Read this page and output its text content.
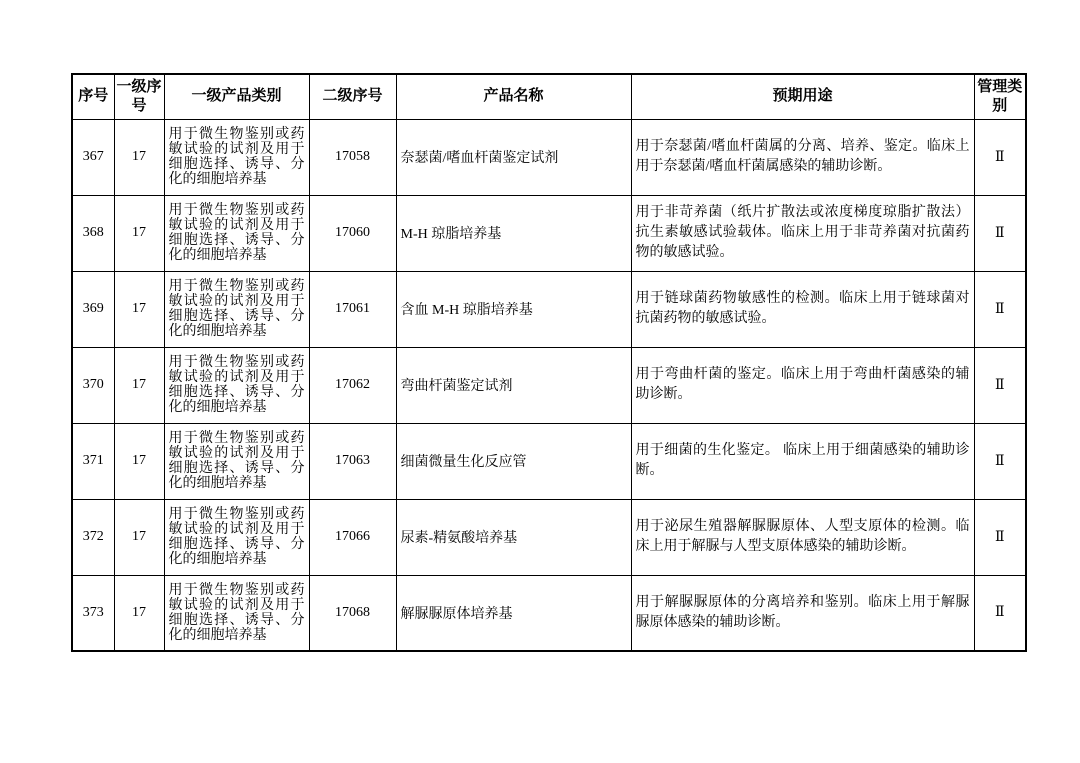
序号	一级序号	一级产品类别	二级序号	产品名称	预期用途	管理类别
367	17	用于微生物鉴别或药敏试验的试剂及用于细胞选择、诱导、分化的细胞培养基	17058	奈瑟菌/嗜血杆菌鉴定试剂	用于奈瑟菌/嗜血杆菌属的分离、培养、鉴定。临床上用于奈瑟菌/嗜血杆菌属感染的辅助诊断。	Ⅱ
368	17	用于微生物鉴别或药敏试验的试剂及用于细胞选择、诱导、分化的细胞培养基	17060	M-H 琼脂培养基	用于非苛养菌（纸片扩散法或浓度梯度琼脂扩散法）抗生素敏感试验载体。临床上用于非苛养菌对抗菌药物的敏感试验。	Ⅱ
369	17	用于微生物鉴别或药敏试验的试剂及用于细胞选择、诱导、分化的细胞培养基	17061	含血 M-H 琼脂培养基	用于链球菌药物敏感性的检测。临床上用于链球菌对抗菌药物的敏感试验。	Ⅱ
370	17	用于微生物鉴别或药敏试验的试剂及用于细胞选择、诱导、分化的细胞培养基	17062	弯曲杆菌鉴定试剂	用于弯曲杆菌的鉴定。临床上用于弯曲杆菌感染的辅助诊断。	Ⅱ
371	17	用于微生物鉴别或药敏试验的试剂及用于细胞选择、诱导、分化的细胞培养基	17063	细菌微量生化反应管	用于细菌的生化鉴定。 临床上用于细菌感染的辅助诊断。	Ⅱ
372	17	用于微生物鉴别或药敏试验的试剂及用于细胞选择、诱导、分化的细胞培养基	17066	尿素-精氨酸培养基	用于泌尿生殖器解脲脲原体、人型支原体的检测。临床上用于解脲与人型支原体感染的辅助诊断。	Ⅱ
373	17	用于微生物鉴别或药敏试验的试剂及用于细胞选择、诱导、分化的细胞培养基	17068	解脲脲原体培养基	用于解脲脲原体的分离培养和鉴别。临床上用于解脲脲原体感染的辅助诊断。	Ⅱ
